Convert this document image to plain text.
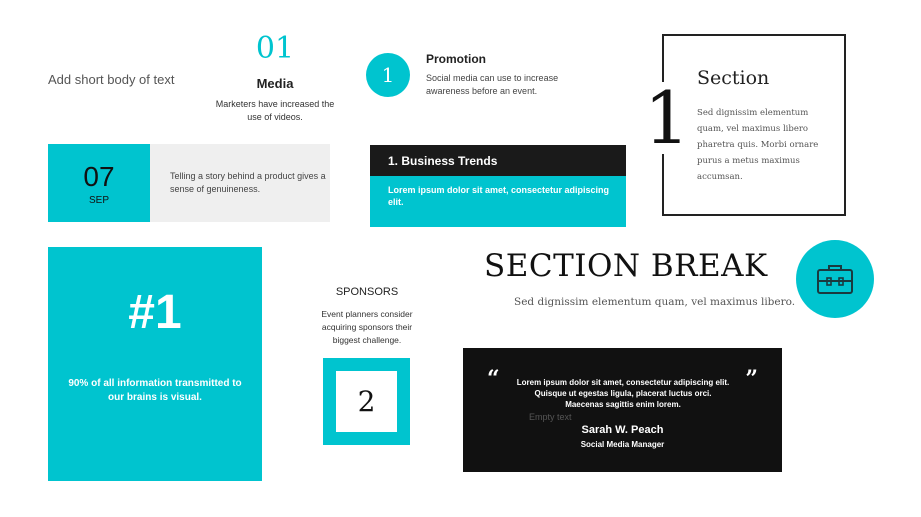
Add short body of text
01
Media
Marketers have increased the use of videos.
1
Promotion
Social media can use to increase awareness before an event.	1 Section
Sed dignissim elementum quam, vel maximus libero pharetra quis. Morbi ornare purus a metus maximus accumsan.
07
SEP
Telling a story behind a product gives a sense of genuineness.
1. Business Trends
Lorem ipsum dolor sit amet, consectetur adipiscing elit.
#1
90% of all information transmitted to our brains is visual.
SPONSORS
Event planners consider acquiring sponsors their biggest challenge.
2
SECTION BREAK
Sed dignissim elementum quam, vel maximus libero.
“	”
Lorem ipsum dolor sit amet, consectetur adipiscing elit. Quisque ut egestas ligula, placerat luctus orci. Maecenas sagittis enim lorem.
Empty text
Sarah W. Peach
Social Media Manager
